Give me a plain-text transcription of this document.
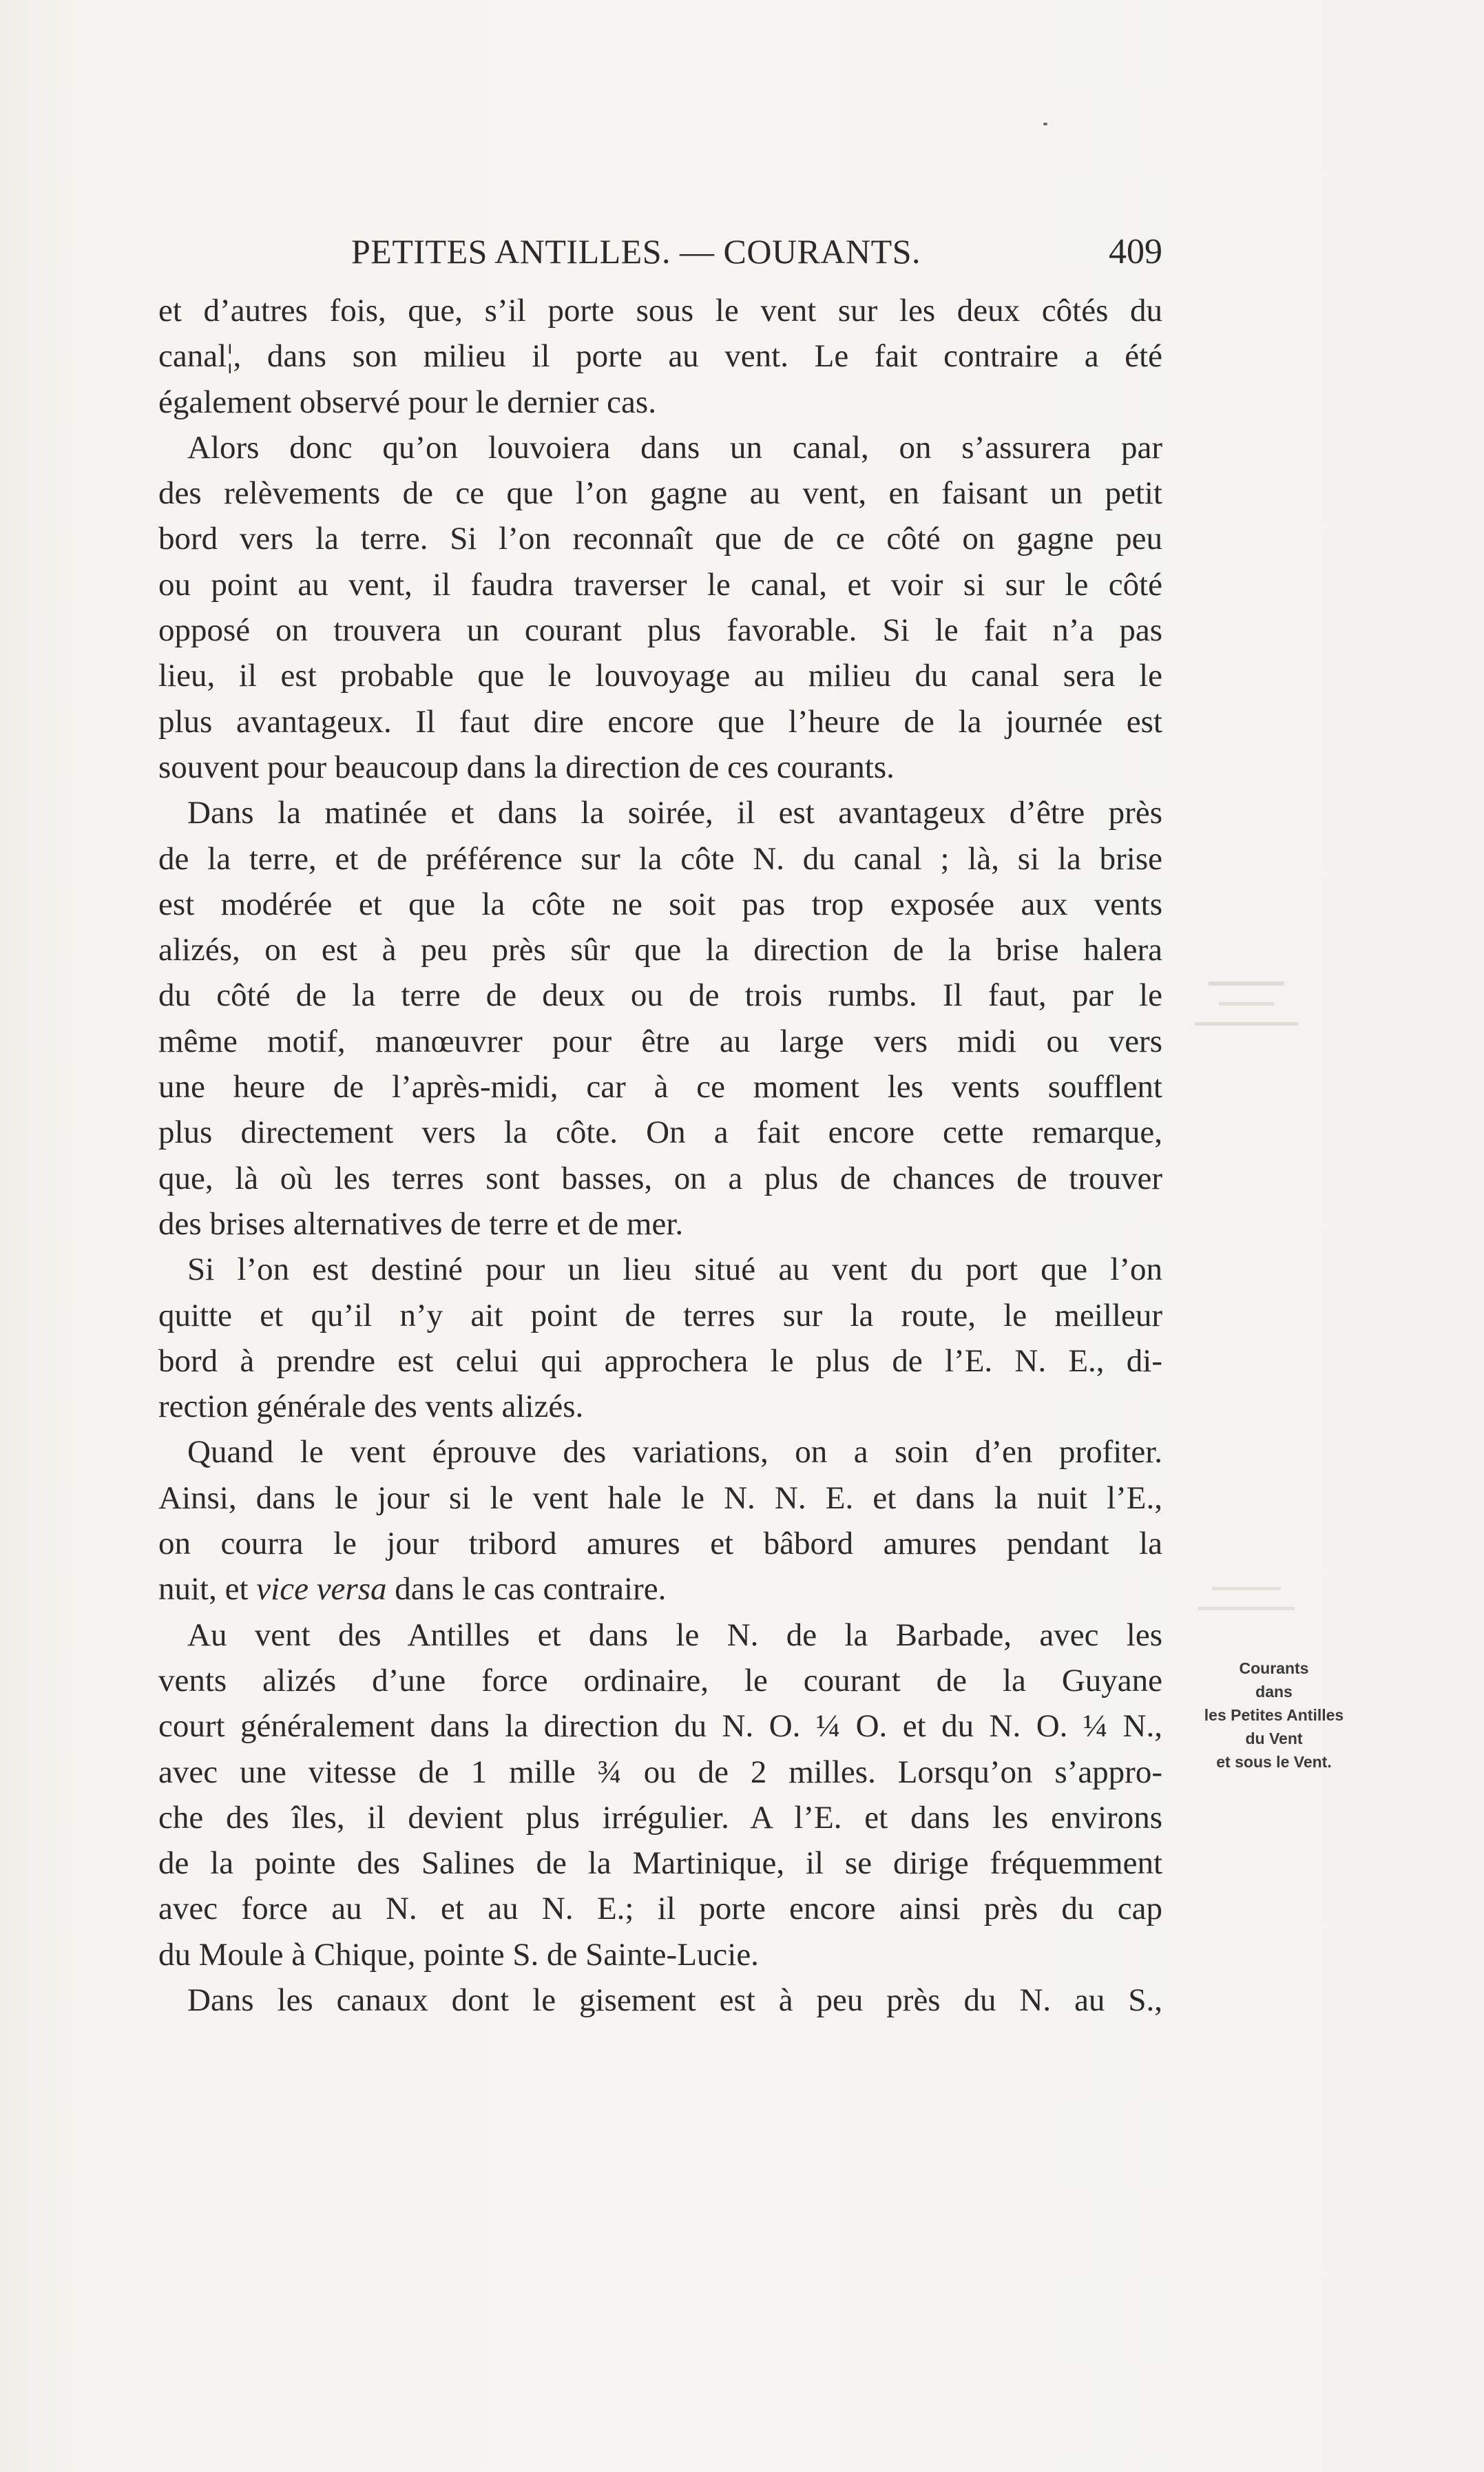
PETITES ANTILLES. — COURANTS.	409
et d’autres fois, que, s’il porte sous le vent sur les deux côtés du
canal¦, dans son milieu il porte au vent. Le fait contraire a été
également observé pour le dernier cas.
Alors donc qu’on louvoiera dans un canal, on s’assurera par
des relèvements de ce que l’on gagne au vent, en faisant un petit
bord vers la terre. Si l’on reconnaît que de ce côté on gagne peu
ou point au vent, il faudra traverser le canal, et voir si sur le côté
opposé on trouvera un courant plus favorable. Si le fait n’a pas
lieu, il est probable que le louvoyage au milieu du canal sera le
plus avantageux. Il faut dire encore que l’heure de la journée est
souvent pour beaucoup dans la direction de ces courants.
Dans la matinée et dans la soirée, il est avantageux d’être près
de la terre, et de préférence sur la côte N. du canal ; là, si la brise
est modérée et que la côte ne soit pas trop exposée aux vents
alizés, on est à peu près sûr que la direction de la brise halera
du côté de la terre de deux ou de trois rumbs. Il faut, par le
même motif, manœuvrer pour être au large vers midi ou vers
une heure de l’après-midi, car à ce moment les vents soufflent
plus directement vers la côte. On a fait encore cette remarque,
que, là où les terres sont basses, on a plus de chances de trouver
des brises alternatives de terre et de mer.
Si l’on est destiné pour un lieu situé au vent du port que l’on
quitte et qu’il n’y ait point de terres sur la route, le meilleur
bord à prendre est celui qui approchera le plus de l’E. N. E., di-
rection générale des vents alizés.
Quand le vent éprouve des variations, on a soin d’en profiter.
Ainsi, dans le jour si le vent hale le N. N. E. et dans la nuit l’E.,
on courra le jour tribord amures et bâbord amures pendant la
nuit, et vice versa dans le cas contraire.
Au vent des Antilles et dans le N. de la Barbade, avec les
vents alizés d’une force ordinaire, le courant de la Guyane
court généralement dans la direction du N. O. ¼ O. et du N. O. ¼ N.,
avec une vitesse de 1 mille ¾ ou de 2 milles. Lorsqu’on s’appro-
che des îles, il devient plus irrégulier. A l’E. et dans les environs
de la pointe des Salines de la Martinique, il se dirige fréquemment
avec force au N. et au N. E.; il porte encore ainsi près du cap
du Moule à Chique, pointe S. de Sainte-Lucie.
Dans les canaux dont le gisement est à peu près du N. au S.,
Courants
dans
les Petites Antilles
du Vent
et sous le Vent.
